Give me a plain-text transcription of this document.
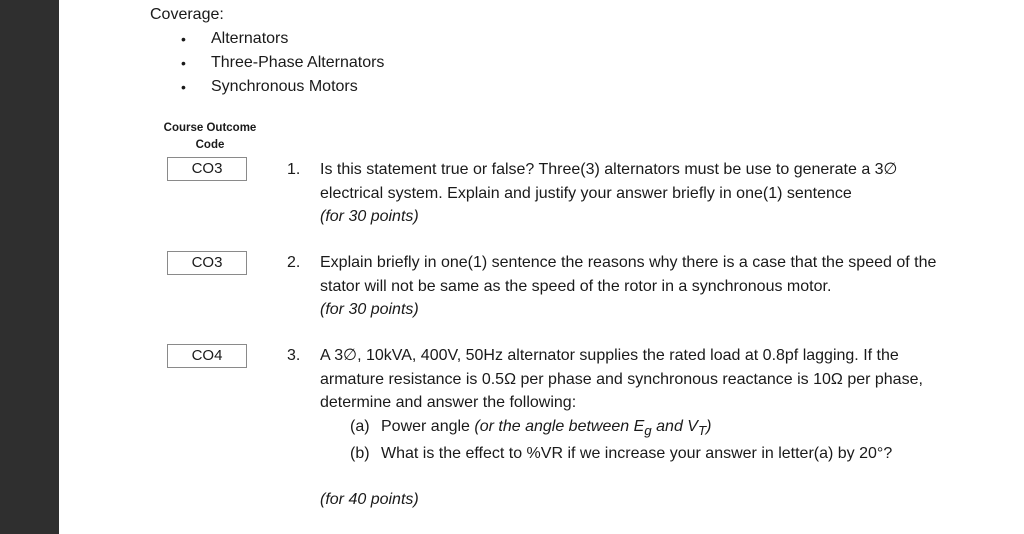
Coverage:
• Alternators
• Three-Phase Alternators
• Synchronous Motors
Course Outcome
Code
CO3	1. Is this statement true or false? Three(3) alternators must be use to generate a 3∅
electrical system. Explain and justify your answer briefly in one(1) sentence
(for 30 points)
CO3	2. Explain briefly in one(1) sentence the reasons why there is a case that the speed of the
stator will not be same as the speed of the rotor in a synchronous motor.
(for 30 points)
CO4	3. A 3∅, 10kVA, 400V, 50Hz alternator supplies the rated load at 0.8pf lagging. If the
armature resistance is 0.5Ω per phase and synchronous reactance is 10Ω per phase,
determine and answer the following:
(a) Power angle (or the angle between $E_g$ and $V_T$)
(b) What is the effect to %VR if we increase your answer in letter(a) by 20°?
(for 40 points)
